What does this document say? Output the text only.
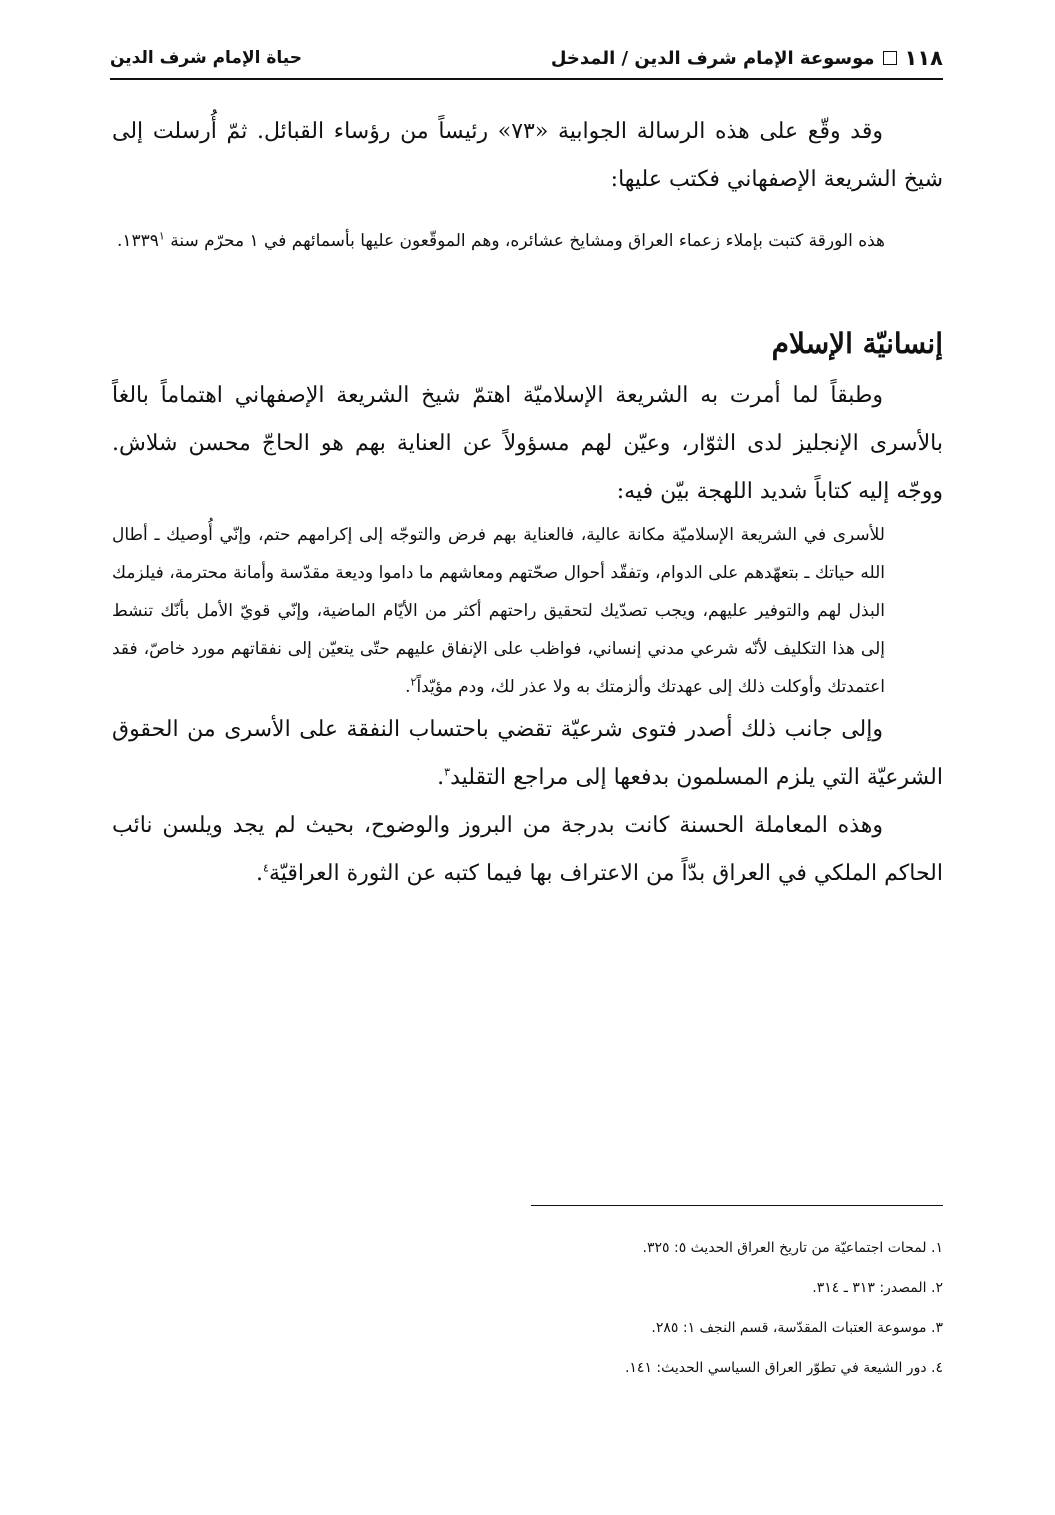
١١٨
موسوعة الإمام شرف الدين / المدخل
حياة الإمام شرف الدين

وقد وقّع على هذه الرسالة الجوابية «٧٣» رئيساً من رؤساء القبائل. ثمّ أُرسلت إلى شيخ الشريعة الإصفهاني فكتب عليها:

هذه الورقة كتبت بإملاء زعماء العراق ومشايخ عشائره، وهم الموقّعون عليها بأسمائهم في ١ محرّم سنة ١٣٣٩$^١$.

إنسانيّة الإسلام

وطبقاً لما أمرت به الشريعة الإسلاميّة اهتمّ شيخ الشريعة الإصفهاني اهتماماً بالغاً بالأسرى الإنجليز لدى الثوّار، وعيّن لهم مسؤولاً عن العناية بهم هو الحاجّ محسن شلاش. ووجّه إليه كتاباً شديد اللهجة بيّن فيه:

للأسرى في الشريعة الإسلاميّة مكانة عالية، فالعناية بهم فرض والتوجّه إلى إكرامهم حتم، وإنّي أُوصيك ـ أطال الله حياتك ـ بتعهّدهم على الدوام، وتفقّد أحوال صحّتهم ومعاشهم ما داموا وديعة مقدّسة وأمانة محترمة، فيلزمك البذل لهم والتوفير عليهم، ويجب تصدّيك لتحقيق راحتهم أكثر من الأيّام الماضية، وإنّي قويّ الأمل بأنّك تنشط إلى هذا التكليف لأنّه شرعي مدني إنساني، فواظب على الإنفاق عليهم حتّى يتعيّن إلى نفقاتهم مورد خاصّ، فقد اعتمدتك وأوكلت ذلك إلى عهدتك وألزمتك به ولا عذر لك، ودم مؤيّداً$^٢$.

وإلى جانب ذلك أصدر فتوى شرعيّة تقضي باحتساب النفقة على الأسرى من الحقوق الشرعيّة التي يلزم المسلمون بدفعها إلى مراجع التقليد$^٣$.

وهذه المعاملة الحسنة كانت بدرجة من البروز والوضوح، بحيث لم يجد ويلسن نائب الحاكم الملكي في العراق بدّاً من الاعتراف بها فيما كتبه عن الثورة العراقيّة$^٤$.

١. لمحات اجتماعيّة من تاريخ العراق الحديث ٥: ٣٢٥.
٢. المصدر: ٣١٣ ـ ٣١٤.
٣. موسوعة العتبات المقدّسة، قسم النجف ١: ٢٨٥.
٤. دور الشيعة في تطوّر العراق السياسي الحديث: ١٤١.
